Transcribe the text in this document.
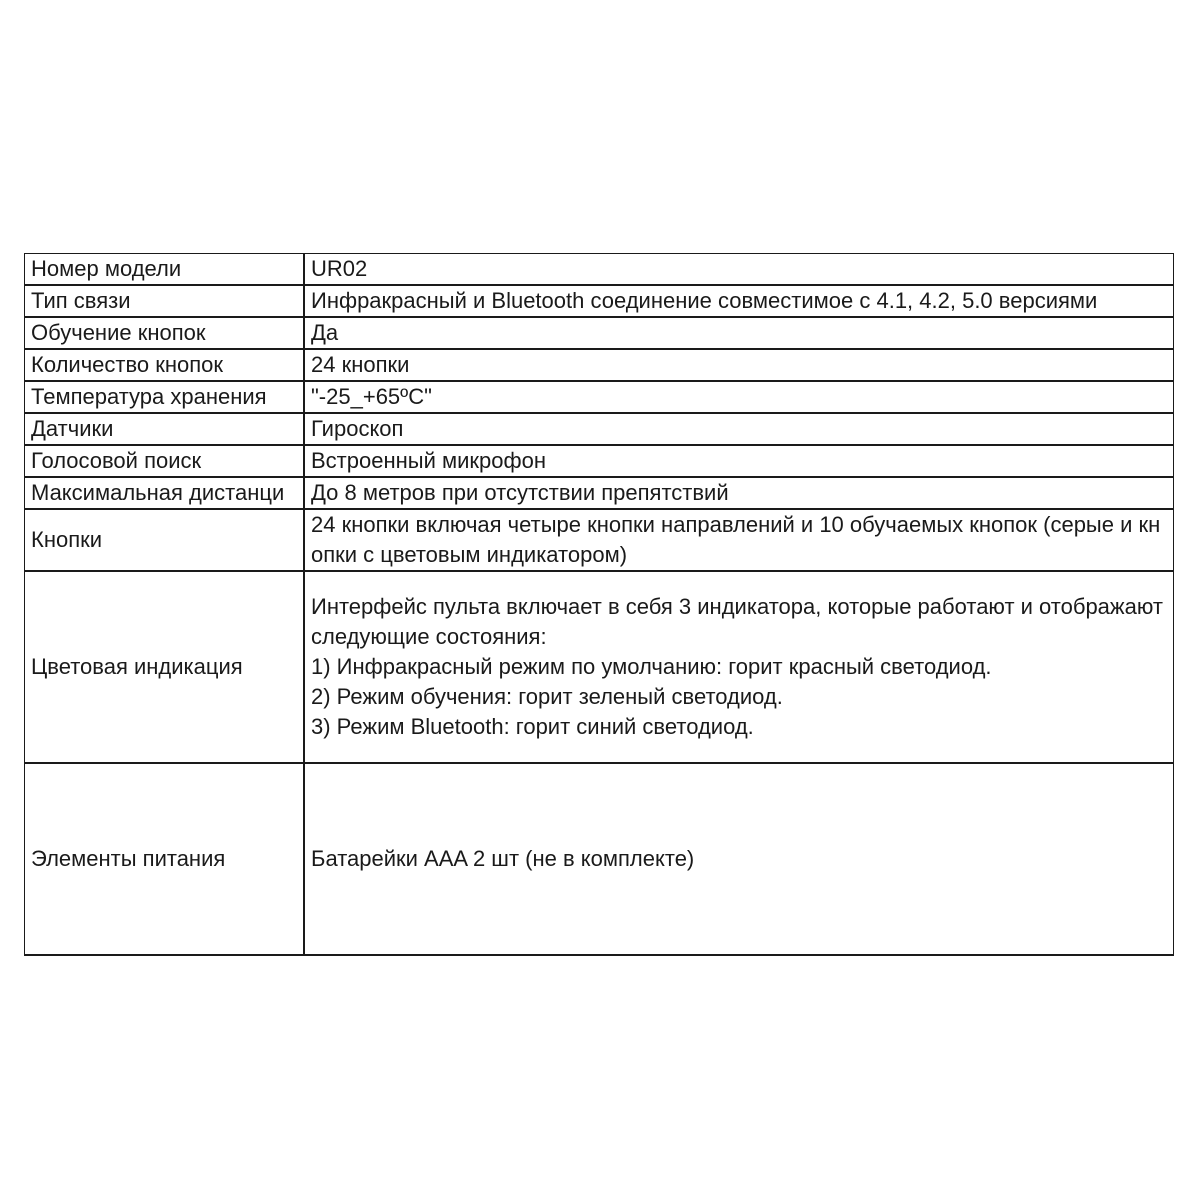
Номер модели	UR02
Тип связи	Инфракрасный и Bluetooth соединение совместимое с 4.1, 4.2, 5.0 версиями
Обучение кнопок	Да
Количество кнопок	24 кнопки
Температура хранения	"-25_+65ºC"
Датчики	Гироскоп
Голосовой поиск	Встроенный микрофон
Максимальная дистанци	До 8 метров при отсутствии препятствий
Кнопки	24 кнопки включая четыре кнопки направлений и 10 обучаемых кнопок (серые и кнопки с цветовым индикатором)
Цветовая индикация	Интерфейс пульта включает в себя 3 индикатора, которые работают и отображают следующие состояния:
1) Инфракрасный режим по умолчанию: горит красный светодиод.
2) Режим обучения: горит зеленый светодиод.
3) Режим Bluetooth: горит синий светодиод.
Элементы питания	Батарейки AAA 2 шт (не в комплекте)
